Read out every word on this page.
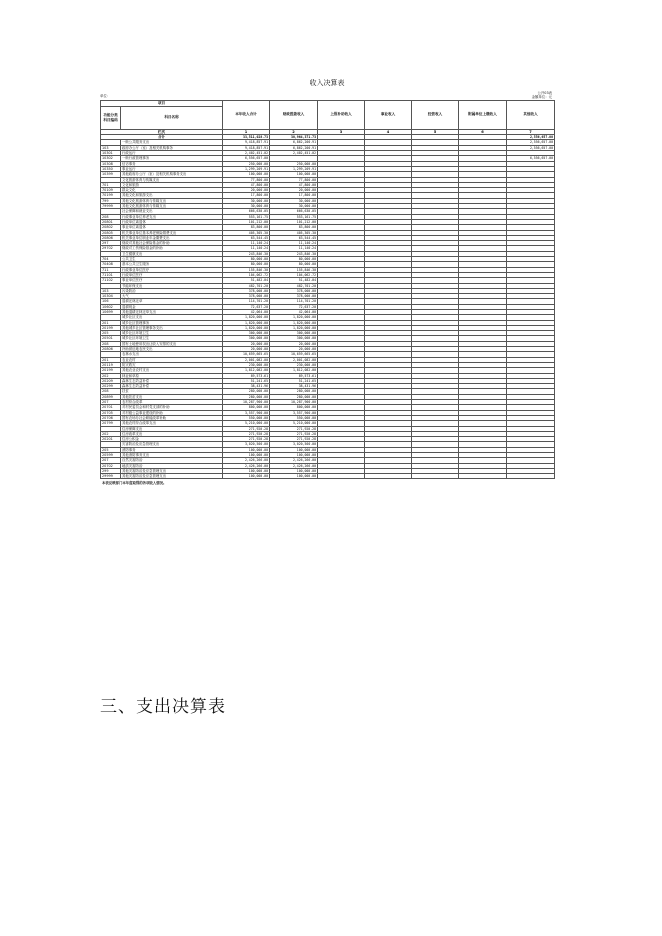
收入决算表
单位：
公开03表
金额单位：元
项目		本年收入合计	财政拨款收入	上级补助收入	事业收入	经营收入	附属单位上缴收入	其他收入
功能分类科目编码	科目名称							
栏次		1	2	3	4	5	6	7
合计		33,511,028.73	30,964,371.73					2,556,657.00
	一般公共服务支出	9,418,857.91	6,862,200.91					2,556,657.00
103	政府办公厅（室）及相关机构事务	9,418,857.91	6,862,200.91					2,556,657.00
10301	行政运行	2,402,451.02	2,402,451.02					
10302	一般行政管理事务	6,556,657.00						6,556,657.00
10308	信访事务	250,000.00	250,000.00					
10350	事业运行	1,299,209.91	1,299,209.91					
10399	其他政府办公厅（室）及相关机构事务支出	100,000.00	100,000.00					
	文化旅游体育与传媒支出	77,800.00	77,800.00					
701	文化和旅游	47,800.00	47,800.00					
70109	群众文化	20,000.00	20,000.00					
70199	其他文化和旅游支出	17,800.00	17,800.00					
799	其他文化旅游体育与传媒支出	30,000.00	30,000.00					
79999	其他文化旅游体育与传媒支出	30,000.00	30,000.00					
	社会保障和就业支出	666,630.05	666,630.05					
208	行政事业单位养老支出	553,161.75	553,161.75					
20801	行政单位离退休	101,212.00	101,212.00					
20802	事业单位离退休	83,800.00	83,800.00					
20805	机关事业单位基本养老保险缴费支出	405,305.30	405,305.30					
20806	机关事业单位职业年金缴费支出	63,544.45	63,544.45					
297	财政对其他社会保险基金的补助	11,140.24	11,140.24					
29702	财政对工伤保险基金的补助	11,140.24	11,140.24					
	卫生健康支出	243,846.30	243,846.30					
704	公共卫生	80,000.00	80,000.00					
70408	基本公共卫生服务	80,000.00	80,000.00					
711	行政事业单位医疗	155,846.30	155,846.30					
71101	行政单位医疗	104,062.72	104,062.72					
71102	事业单位医疗	51,482.04	51,482.04					
	节能环保支出	482,701.20	482,701.20					
103	污染防治	378,000.00	378,000.00					
10304	大气	378,000.00	378,000.00					
106	退耕还林还草	114,701.20	114,701.20					
10602	退耕现金	72,637.20	72,637.20					
10699	其他退耕还林还草支出	42,064.00	42,064.00					
	城乡社区支出	1,820,000.00	1,820,000.00					
201	城乡社区管理事务	1,820,000.00	1,820,000.00					
20199	其他城乡社区管理事务支出	1,820,000.00	1,820,000.00					
205	城乡社区环境卫生	300,000.00	300,000.00					
20501	城乡社区环境卫生	300,000.00	300,000.00					
208	国有土地使用权出让收入安排的支出	20,000.00	20,000.00					
20806	补助被征地农民支出	20,000.00	20,000.00					
	农林水支出	10,659,665.65	10,659,665.65					
201	农业农村	2,001,082.00	2,001,082.00					
20119	防灾救灾	230,000.00	230,000.00					
20199	其他农业农村支出	1,812,082.00	1,812,082.00					
202	林业和草原	89,573.61	89,573.61					
20209	森林生态效益补偿	51,241.65	51,241.65					
20299	森林生态效益补偿	38,431.96	38,431.96					
208	扶贫	280,000.00	280,000.00					
20899	其他扶贫支出	280,000.00	280,000.00					
207	农村综合改革	10,287,900.00	10,287,900.00					
20701	对村民委员会和村党支部的补助	800,000.00	800,000.00					
20705	对村级公益事业建设的补助	3,557,900.00	3,557,900.00					
20706	国有农场办社会职能改革补助	550,000.00	550,000.00					
20799	其他农村综合改革支出	5,210,000.00	5,210,000.00					
	住房保障支出	271,920.28	271,920.28					
202	住房改革支出	271,920.28	271,920.28					
20201	住房公积金	271,920.28	271,920.28					
	灾害防治及应急管理支出	3,020,500.00	3,020,500.00					
205	消防事务	100,000.00	100,000.00					
20599	其他消防事务支出	100,000.00	100,000.00					
207	自然灾害防治	2,426,266.00	2,426,266.00					
20702	地质灾害防治	2,426,266.00	2,426,266.00					
299	其他灾害防治及应急管理支出	100,000.00	100,000.00					
29999	其他灾害防治及应急管理支出	100,000.00	100,000.00					
本表反映部门本年度取得的各项收入情况。
三、支出决算表
